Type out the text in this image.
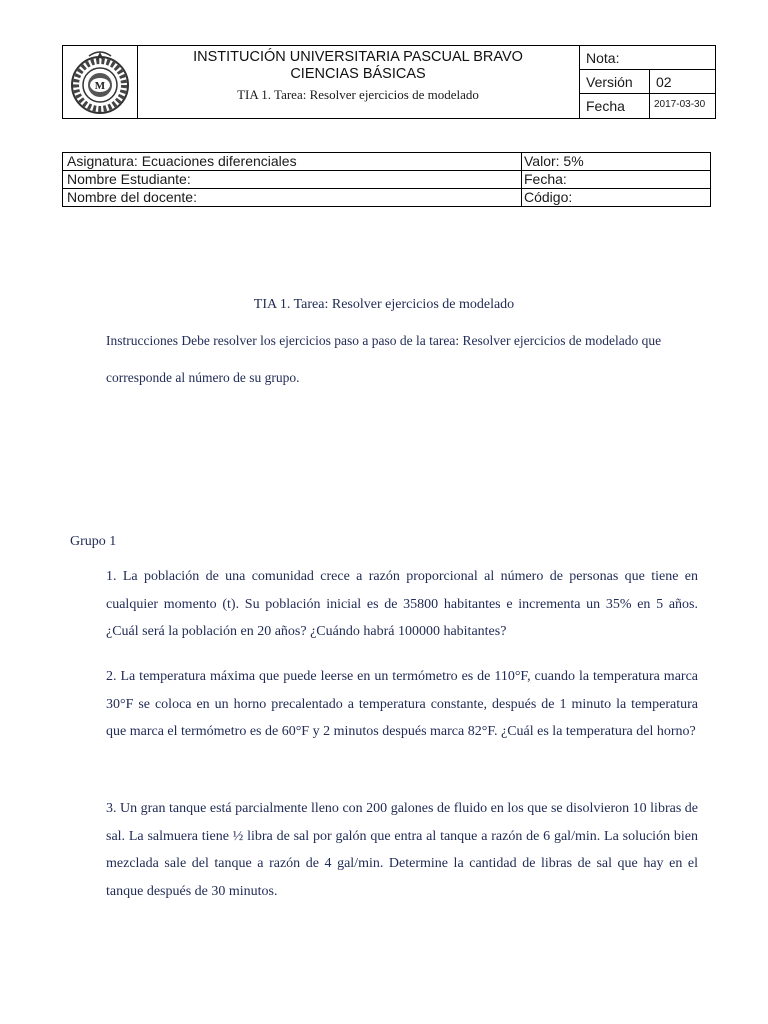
M
INSTITUCIÓN UNIVERSITARIA PASCUAL BRAVO
CIENCIAS BÁSICAS
TIA 1. Tarea: Resolver ejercicios de modelado
Nota:
Versión 02
Fecha	2017-03-30
Asignatura: Ecuaciones diferenciales	Valor: 5%
Nombre Estudiante:	Fecha:
Nombre del docente:	Código:
TIA 1. Tarea: Resolver ejercicios de modelado
Instrucciones Debe resolver los ejercicios paso a paso de la tarea: Resolver ejercicios de modelado que
corresponde al número de su grupo.
Grupo 1
1. La población de una comunidad crece a razón proporcional al número de personas que tiene en cualquier momento (t). Su población inicial es de 35800 habitantes e incrementa un 35% en 5 años. ¿Cuál será la población en 20 años? ¿Cuándo habrá 100000 habitantes?
2. La temperatura máxima que puede leerse en un termómetro es de 110°F, cuando la temperatura marca 30°F se coloca en un horno precalentado a temperatura constante, después de 1 minuto la temperatura que marca el termómetro es de 60°F y 2 minutos después marca 82°F. ¿Cuál es la temperatura del horno?
3. Un gran tanque está parcialmente lleno con 200 galones de fluido en los que se disolvieron 10 libras de sal. La salmuera tiene ½ libra de sal por galón que entra al tanque a razón de 6 gal/min. La solución bien mezclada sale del tanque a razón de 4 gal/min. Determine la cantidad de libras de sal que hay en el tanque después de 30 minutos.
